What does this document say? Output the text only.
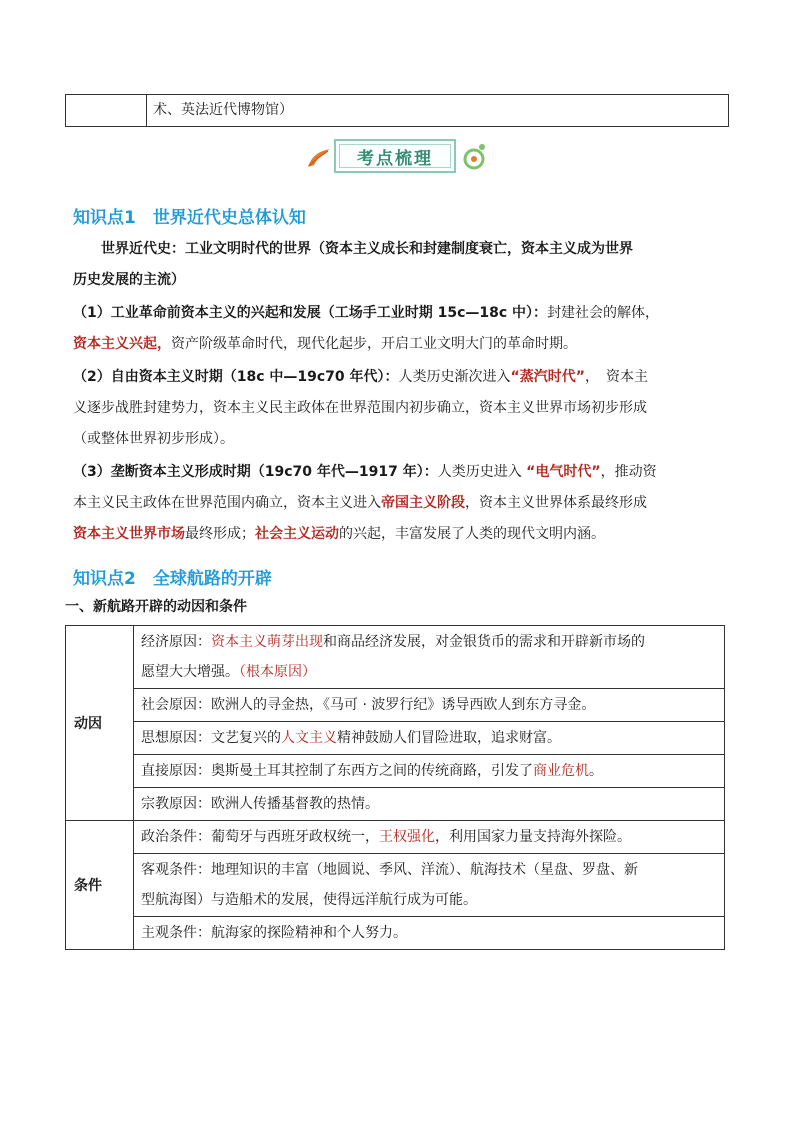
术、英法近代博物馆）
考点梳理
知识点1　世界近代史总体认知
世界近代史：工业文明时代的世界（资本主义成长和封建制度衰亡，资本主义成为世界
历史发展的主流）
（1）工业革命前资本主义的兴起和发展（工场手工业时期 15c—18c 中）：封建社会的解体，
资本主义兴起，资产阶级革命时代，现代化起步，开启工业文明大门的革命时期。
（2）自由资本主义时期（18c 中—19c70 年代）：人类历史渐次进入“蒸汽时代”，　资本主
义逐步战胜封建势力，资本主义民主政体在世界范围内初步确立，资本主义世界市场初步形成
（或整体世界初步形成）。
（3）垄断资本主义形成时期（19c70 年代—1917 年）：人类历史进入 “电气时代”，推动资
本主义民主政体在世界范围内确立，资本主义进入帝国主义阶段，资本主义世界体系最终形成
资本主义世界市场最终形成；社会主义运动的兴起，丰富发展了人类的现代文明内涵。
知识点2　全球航路的开辟
一、新航路开辟的动因和条件
动因	经济原因：资本主义萌芽出现和商品经济发展，对金银货币的需求和开辟新市场的
愿望大大增强。（根本原因）
	社会原因：欧洲人的寻金热，《马可 · 波罗行纪》诱导西欧人到东方寻金。
	思想原因：文艺复兴的人文主义精神鼓励人们冒险进取，追求财富。
	直接原因：奥斯曼土耳其控制了东西方之间的传统商路，引发了商业危机。
	宗教原因：欧洲人传播基督教的热情。
条件	政治条件：葡萄牙与西班牙政权统一，王权强化，利用国家力量支持海外探险。
	客观条件：地理知识的丰富（地圆说、季风、洋流）、航海技术（星盘、罗盘、新
型航海图）与造船术的发展，使得远洋航行成为可能。
	主观条件：航海家的探险精神和个人努力。
